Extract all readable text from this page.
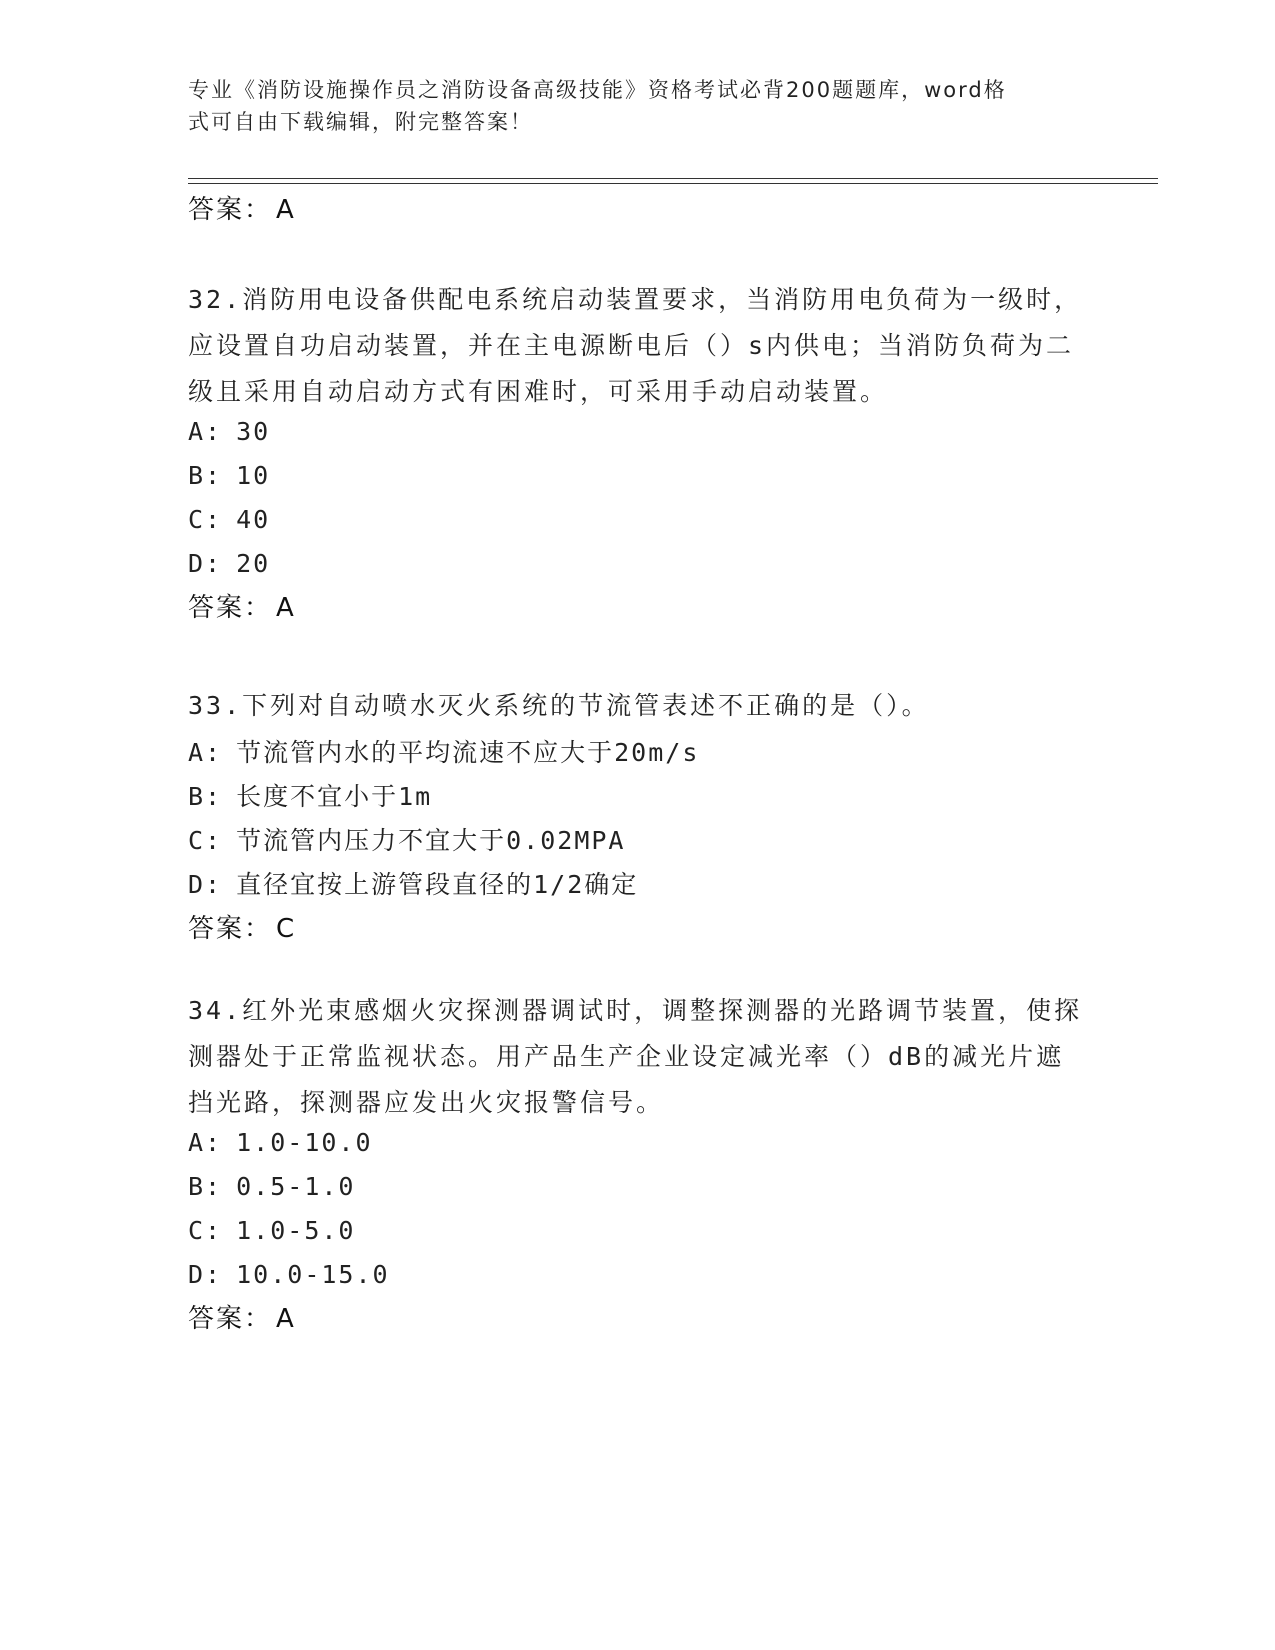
专业《消防设施操作员之消防设备高级技能》资格考试必背200题题库，word格
式可自由下载编辑，附完整答案！
答案： A
32.消防用电设备供配电系统启动装置要求，当消防用电负荷为一级时，应设置自功启动装置，并在主电源断电后（）s内供电；当消防负荷为二级且采用自动启动方式有困难时，可采用手动启动装置。
A: 30
B: 10
C: 40
D: 20
答案： A
33.下列对自动喷水灭火系统的节流管表述不正确的是（）。
A: 节流管内水的平均流速不应大于20m/s
B: 长度不宜小于1m
C: 节流管内压力不宜大于0.02MPA
D: 直径宜按上游管段直径的1/2确定
答案： C
34.红外光束感烟火灾探测器调试时，调整探测器的光路调节装置，使探测器处于正常监视状态。用产品生产企业设定减光率（）dB的减光片遮挡光路，探测器应发出火灾报警信号。
A: 1.0-10.0
B: 0.5-1.0
C: 1.0-5.0
D: 10.0-15.0
答案： A
